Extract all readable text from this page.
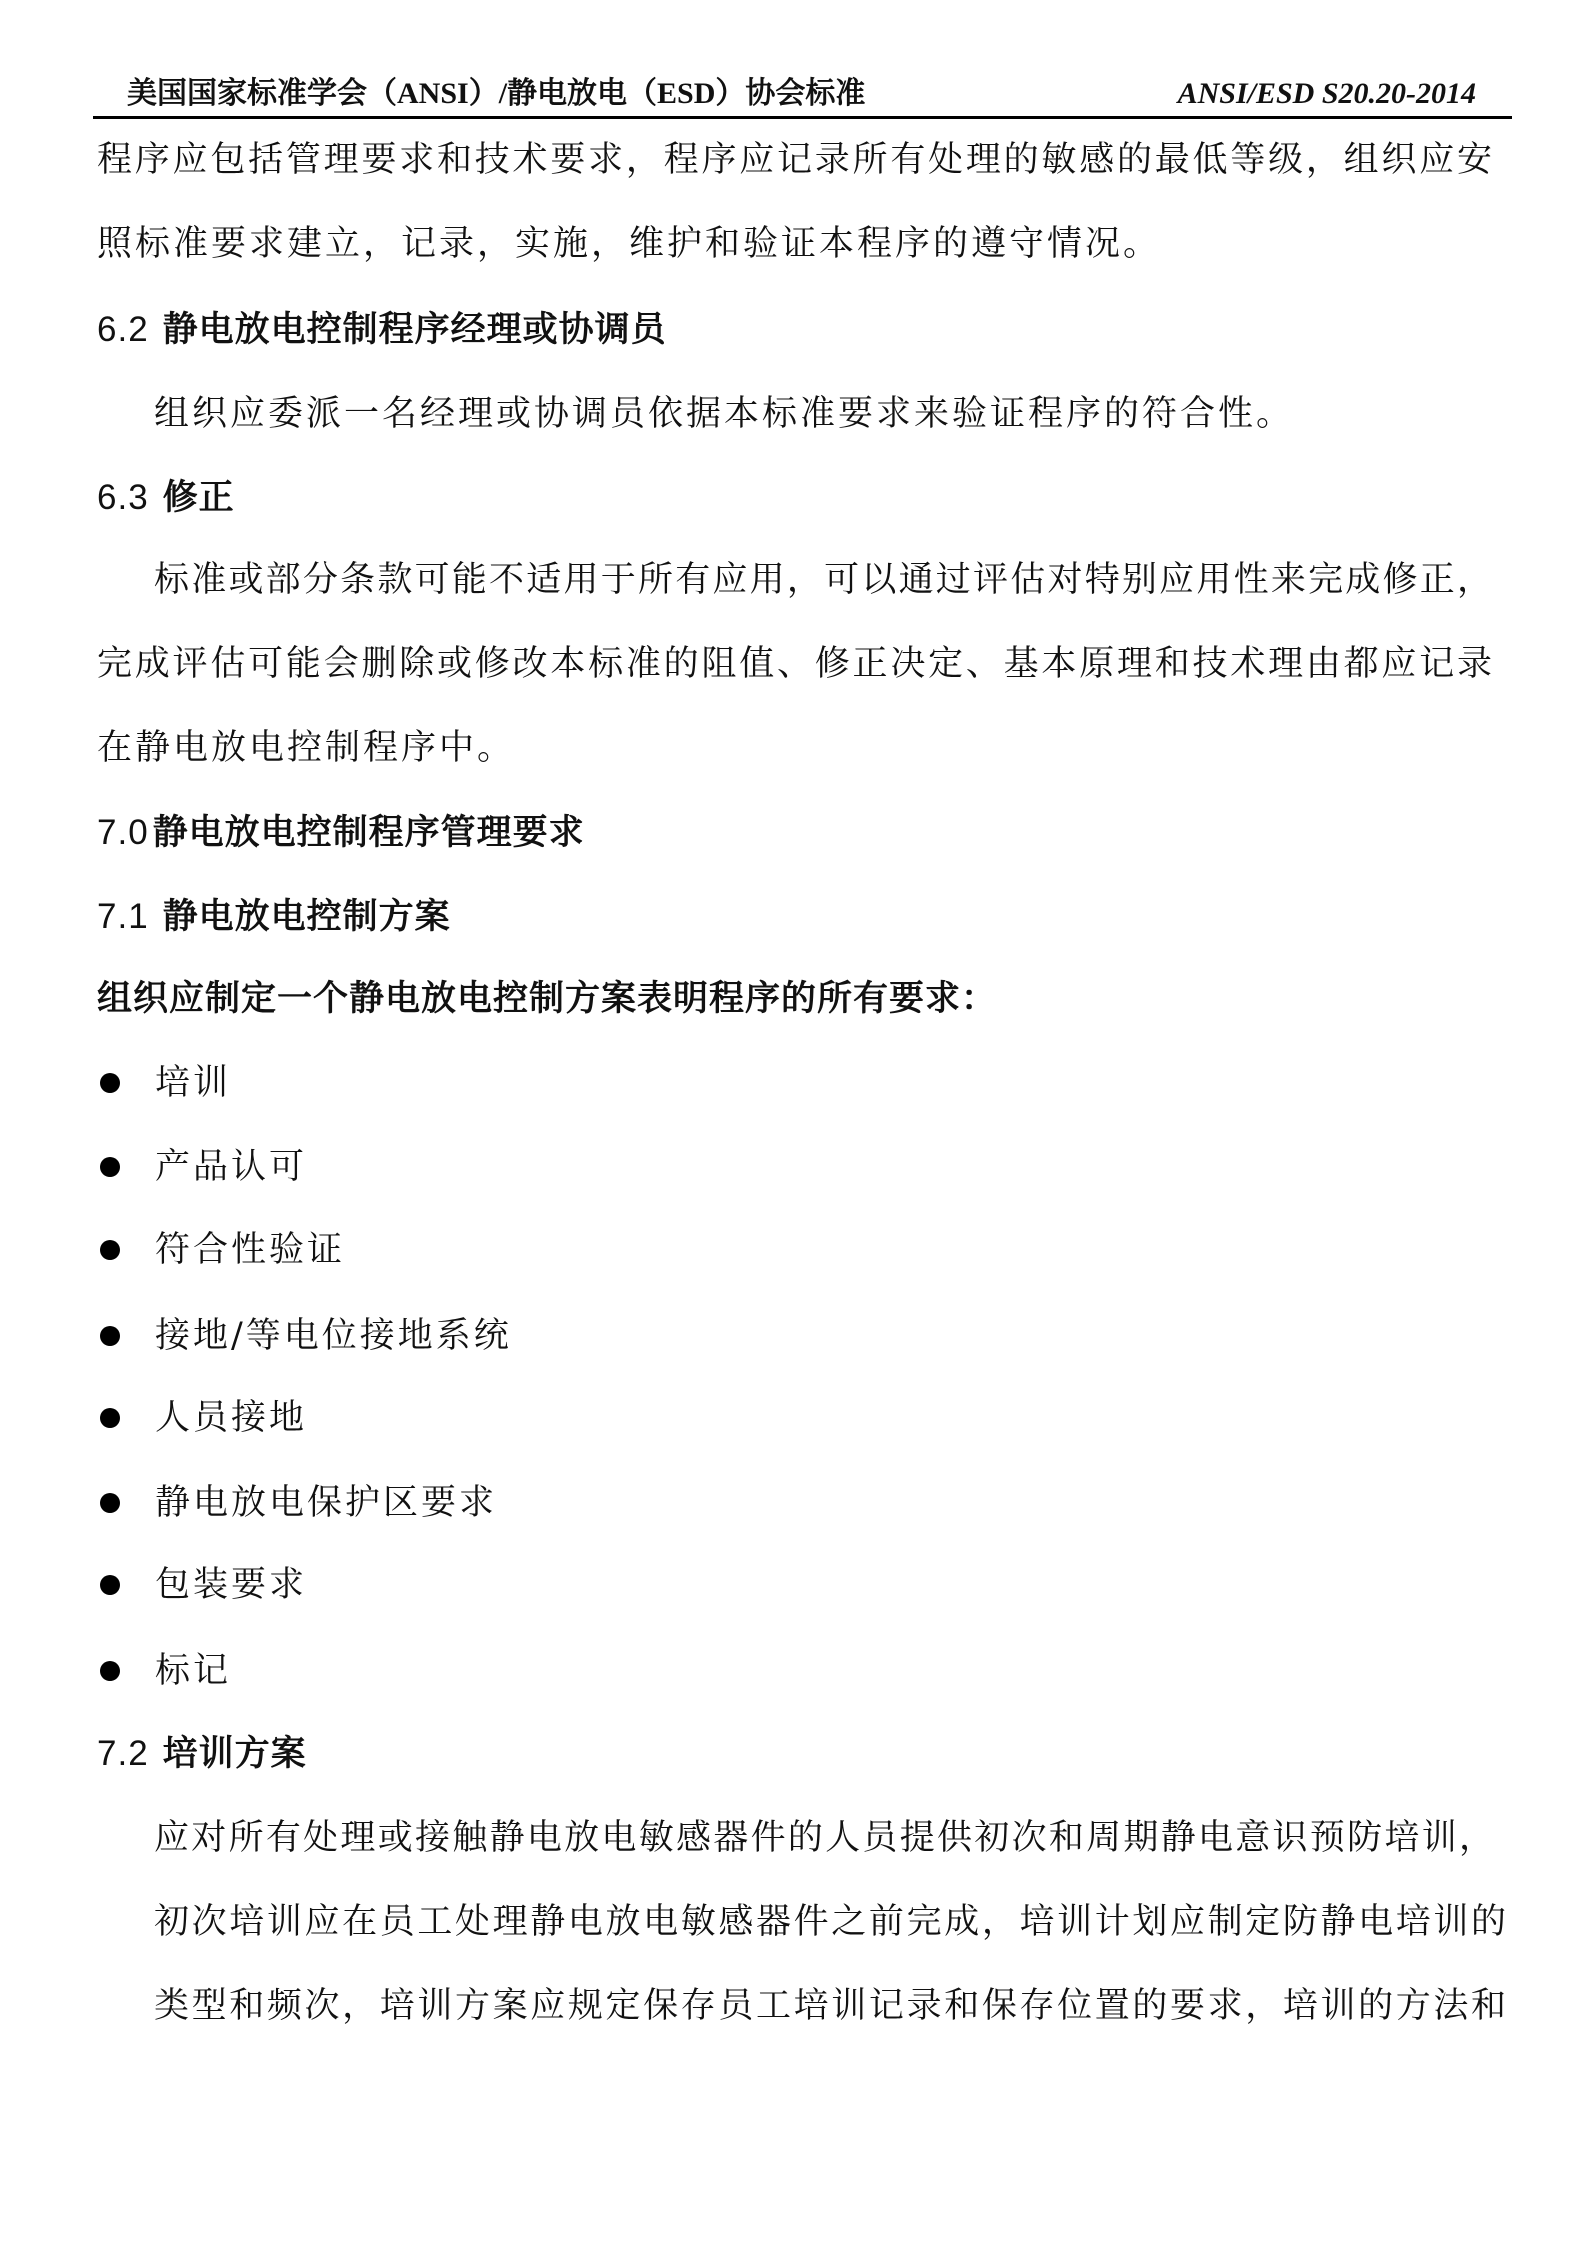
美国国家标准学会（ANSI）/静电放电（ESD）协会标准	ANSI/ESD S20.20-2014
程序应包括管理要求和技术要求，程序应记录所有处理的敏感的最低等级，组织应安
照标准要求建立，记录，实施，维护和验证本程序的遵守情况。
6.2 静电放电控制程序经理或协调员
组织应委派一名经理或协调员依据本标准要求来验证程序的符合性。
6.3 修正
标准或部分条款可能不适用于所有应用，可以通过评估对特别应用性来完成修正，
完成评估可能会删除或修改本标准的阻值、修正决定、基本原理和技术理由都应记录
在静电放电控制程序中。
7.0 静电放电控制程序管理要求
7.1 静电放电控制方案
组织应制定一个静电放电控制方案表明程序的所有要求：
培训
产品认可
符合性验证
接地/等电位接地系统
人员接地
静电放电保护区要求
包装要求
标记
7.2 培训方案
应对所有处理或接触静电放电敏感器件的人员提供初次和周期静电意识预防培训，
初次培训应在员工处理静电放电敏感器件之前完成，培训计划应制定防静电培训的
类型和频次，培训方案应规定保存员工培训记录和保存位置的要求，培训的方法和
